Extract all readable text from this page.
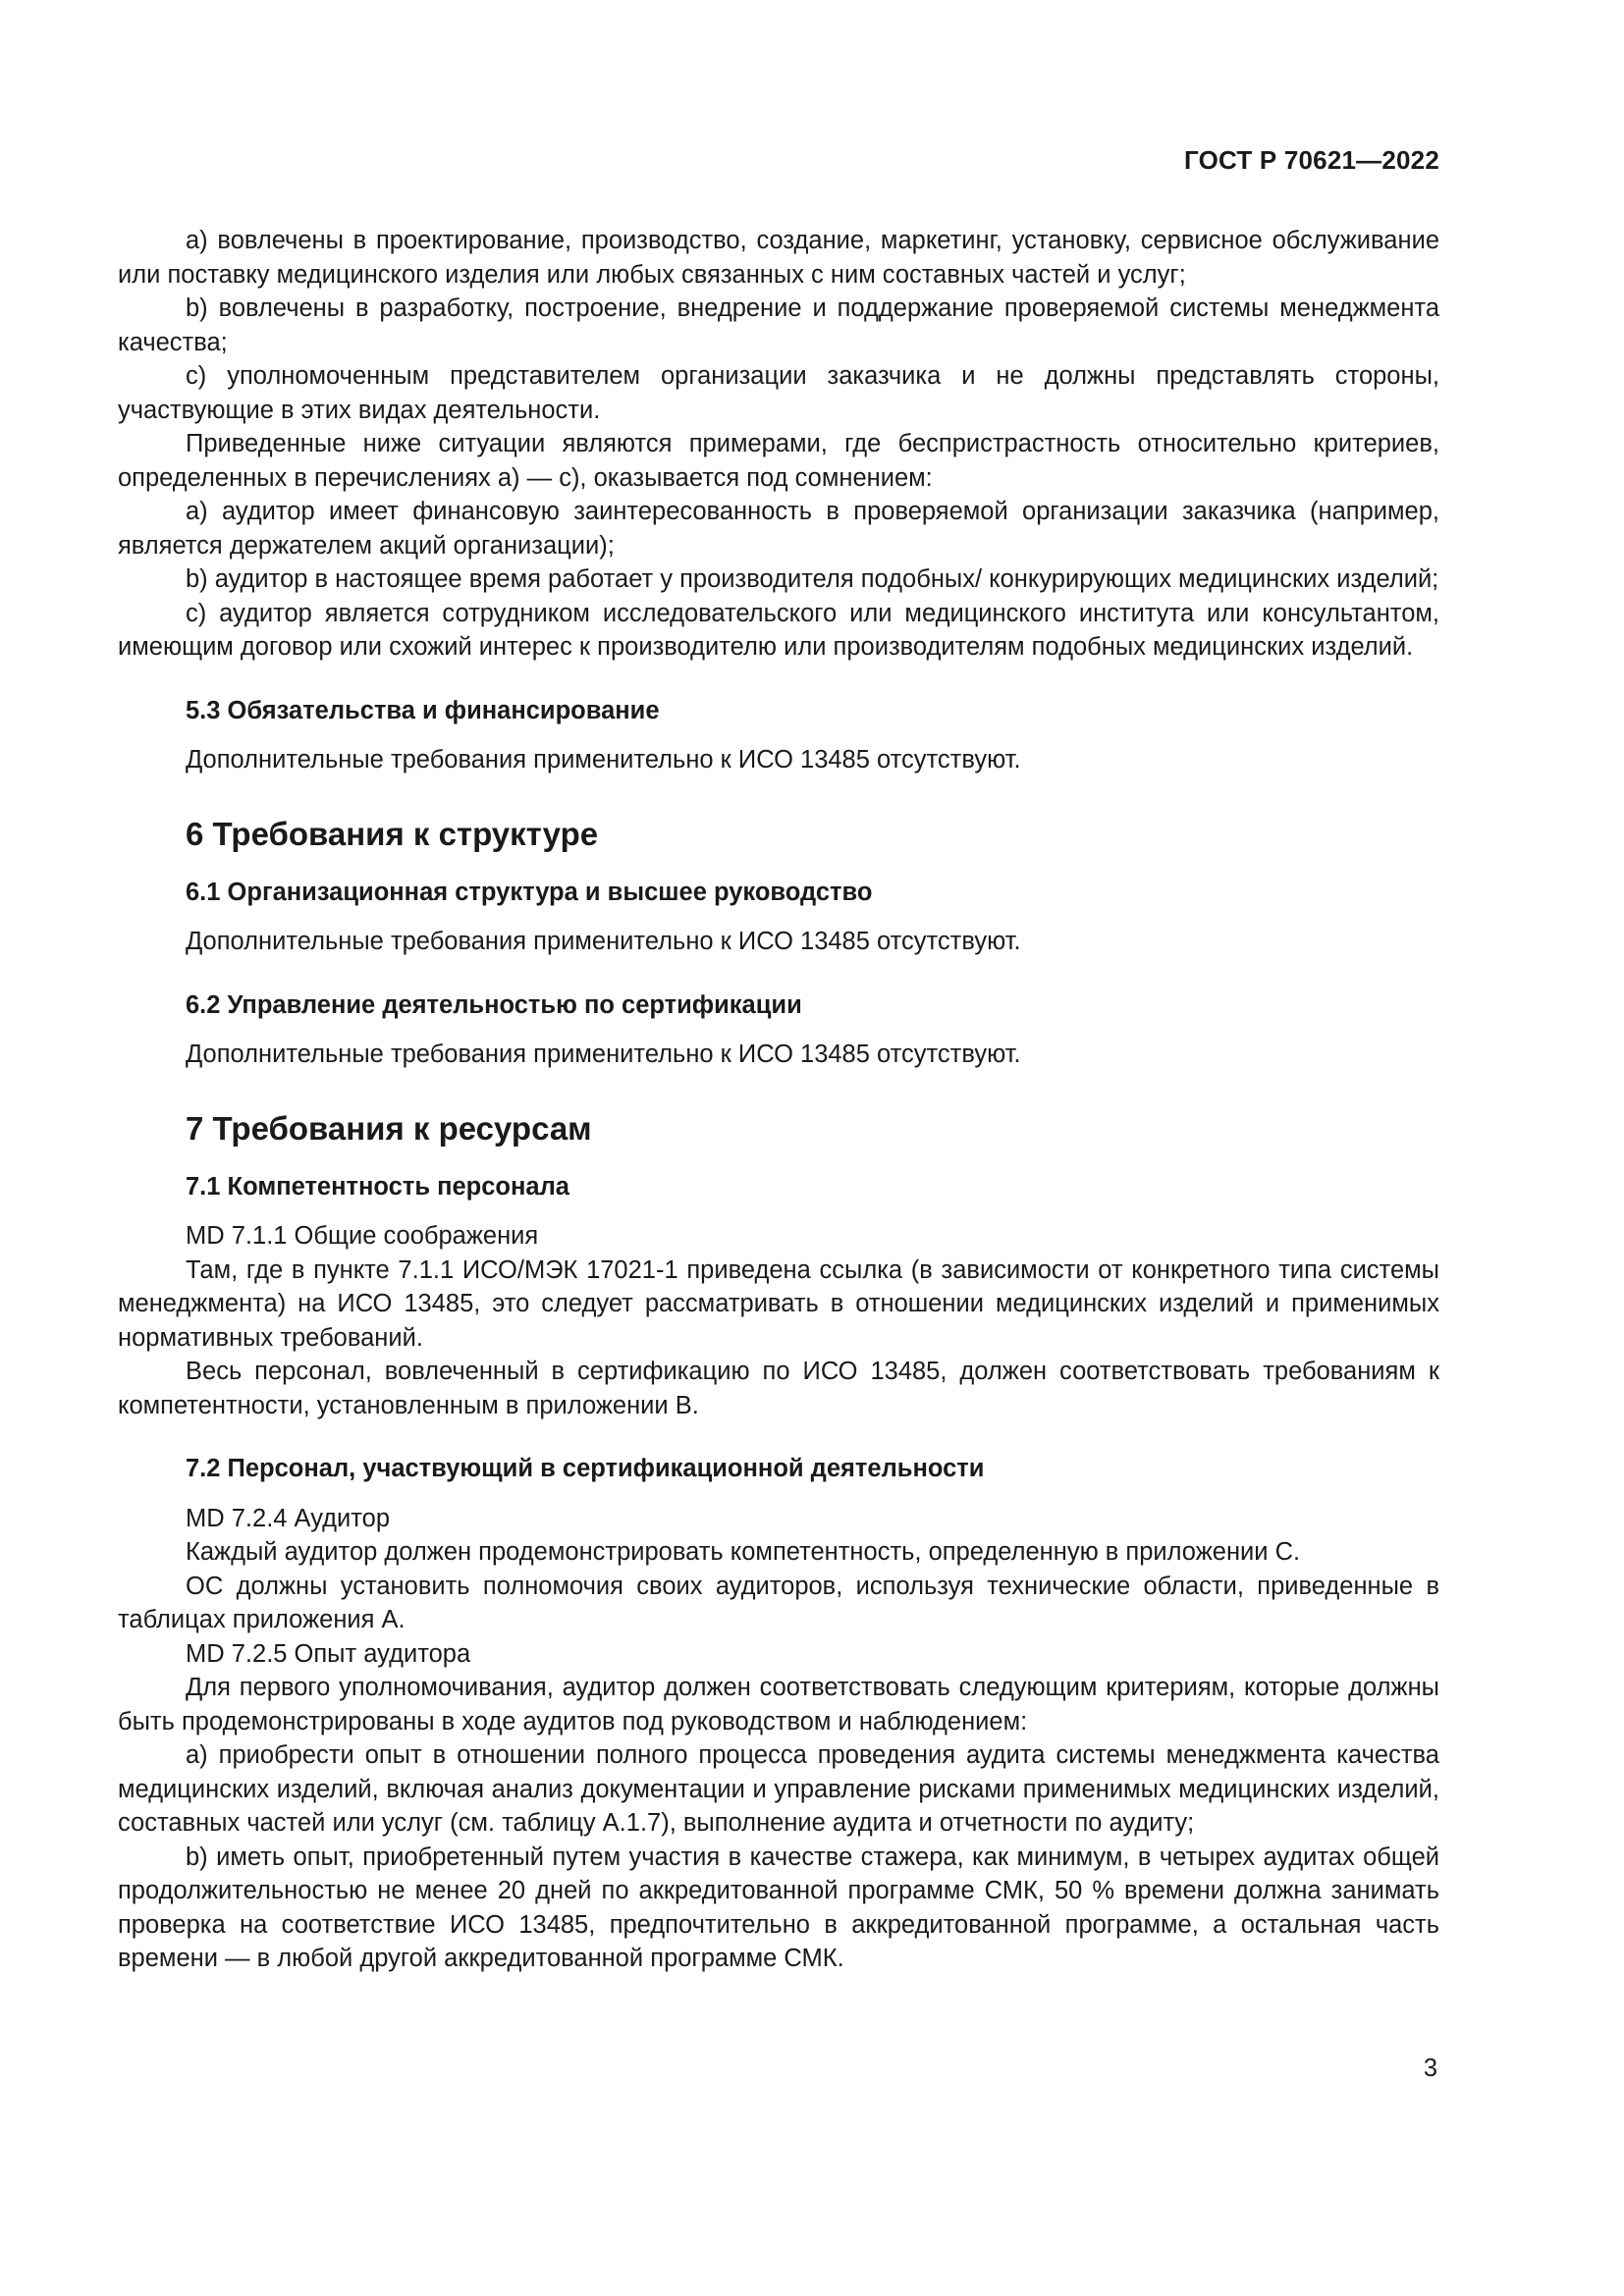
ГОСТ Р 70621—2022

a) вовлечены в проектирование, производство, создание, маркетинг, установку, сервисное обслуживание или поставку медицинского изделия или любых связанных с ним составных частей и услуг;

b) вовлечены в разработку, построение, внедрение и поддержание проверяемой системы менеджмента качества;

c) уполномоченным представителем организации заказчика и не должны представлять стороны, участвующие в этих видах деятельности.

Приведенные ниже ситуации являются примерами, где беспристрастность относительно критериев, определенных в перечислениях а) — с), оказывается под сомнением:

a) аудитор имеет финансовую заинтересованность в проверяемой организации заказчика (например, является держателем акций организации);

b) аудитор в настоящее время работает у производителя подобных/ конкурирующих медицинских изделий;

c) аудитор является сотрудником исследовательского или медицинского института или консультантом, имеющим договор или схожий интерес к производителю или производителям подобных медицинских изделий.

5.3 Обязательства и финансирование

Дополнительные требования применительно к ИСО 13485 отсутствуют.

6 Требования к структуре
6.1 Организационная структура и высшее руководство

Дополнительные требования применительно к ИСО 13485 отсутствуют.

6.2 Управление деятельностью по сертификации

Дополнительные требования применительно к ИСО 13485 отсутствуют.

7 Требования к ресурсам
7.1 Компетентность персонала

MD 7.1.1 Общие соображения

Там, где в пункте 7.1.1 ИСО/МЭК 17021-1 приведена ссылка (в зависимости от конкретного типа системы менеджмента) на ИСО 13485, это следует рассматривать в отношении медицинских изделий и применимых нормативных требований.

Весь персонал, вовлеченный в сертификацию по ИСО 13485, должен соответствовать требованиям к компетентности, установленным в приложении В.

7.2 Персонал, участвующий в сертификационной деятельности

MD 7.2.4 Аудитор

Каждый аудитор должен продемонстрировать компетентность, определенную в приложении С.

ОС должны установить полномочия своих аудиторов, используя технические области, приведенные в таблицах приложения А.

MD 7.2.5 Опыт аудитора

Для первого уполномочивания, аудитор должен соответствовать следующим критериям, которые должны быть продемонстрированы в ходе аудитов под руководством и наблюдением:

a) приобрести опыт в отношении полного процесса проведения аудита системы менеджмента качества медицинских изделий, включая анализ документации и управление рисками применимых медицинских изделий, составных частей или услуг (см. таблицу А.1.7), выполнение аудита и отчетности по аудиту;

b) иметь опыт, приобретенный путем участия в качестве стажера, как минимум, в четырех аудитах общей продолжительностью не менее 20 дней по аккредитованной программе СМК, 50 % времени должна занимать проверка на соответствие ИСО 13485, предпочтительно в аккредитованной программе, а остальная часть времени — в любой другой аккредитованной программе СМК.

3
